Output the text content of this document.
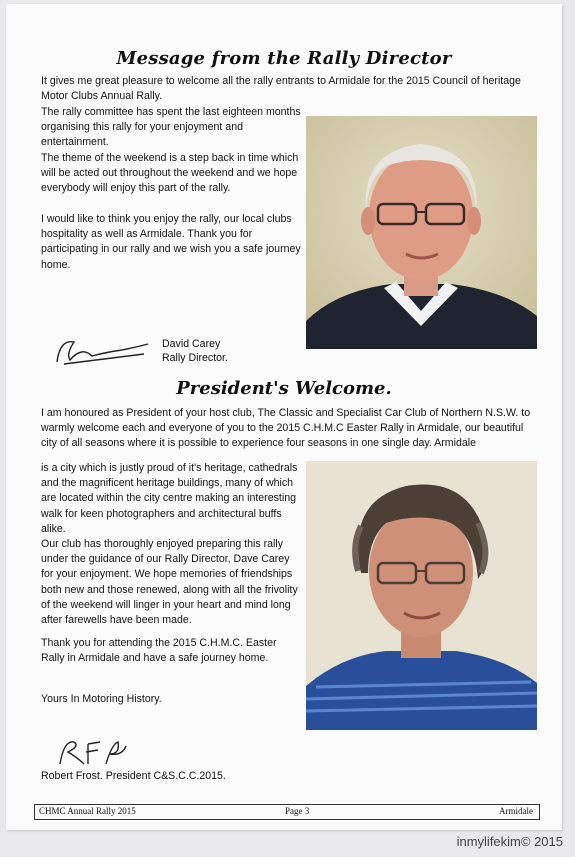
Message from the Rally Director

It gives me great pleasure to welcome all the rally entrants to Armidale for the 2015 Council of heritage Motor Clubs Annual Rally.

The rally committee has spent the last eighteen months organising this rally for your enjoyment and entertainment.

The theme of the weekend is a step back in time which will be acted out throughout the weekend and we hope everybody will enjoy this part of the rally.

I would like to think you enjoy the rally, our local clubs hospitality as well as Armidale. Thank you for participating in our rally and we wish you a safe journey home.

David Carey
Rally Director.
President's Welcome.

I am honoured as President of your host club, The Classic and Specialist Car Club of Northern N.S.W. to warmly welcome each and everyone of you to the 2015 C.H.M.C Easter Rally in Armidale, our beautiful city of all seasons where it is possible to experience four seasons in one single day. Armidale

is a city which is justly proud of it's heritage, cathedrals and the magnificent heritage buildings, many of which are located within the city centre making an interesting walk for keen photographers and architectural buffs alike.

Our club has thoroughly enjoyed preparing this rally under the guidance of our Rally Director, Dave Carey for your enjoyment. We hope memories of friendships both new and those renewed, along with all the frivolity of the weekend will linger in your heart and mind long after farewells have been made.

Thank you for attending the 2015 C.H.M.C. Easter Rally in Armidale and have a safe journey home.

Yours In Motoring History.

Robert Frost. President C&S.C.C.2015.
CHMC Annual Rally 2015	Page 3	Armidale
inmylifekim© 2015
